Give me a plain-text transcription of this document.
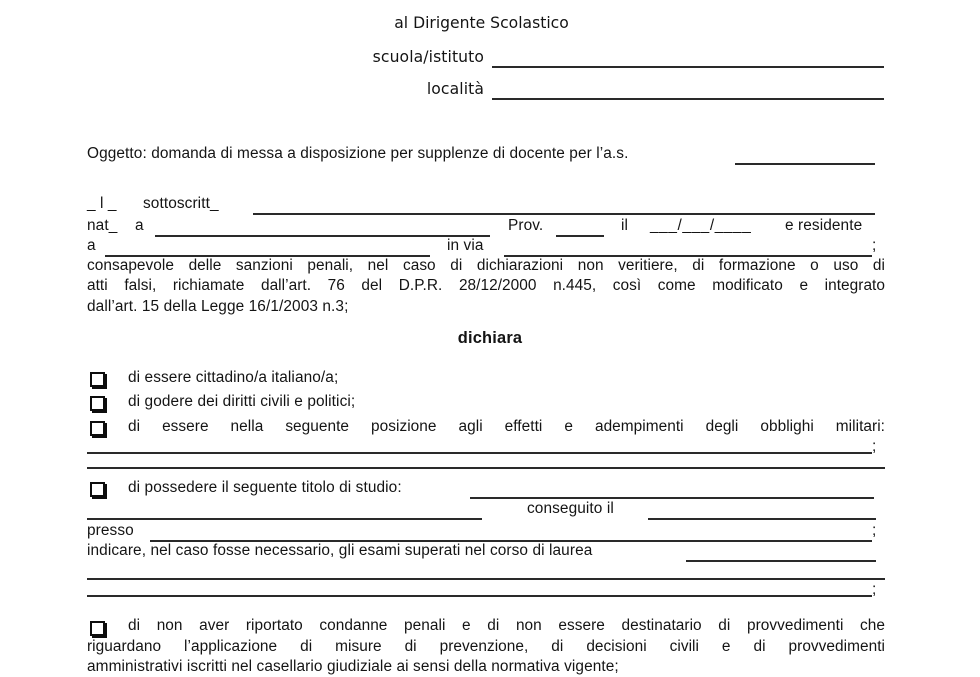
al Dirigente Scolastico
scuola/istituto
località
Oggetto: domanda di messa a disposizione per supplenze di docente per l’a.s.
_ l _ sottoscritt_
nat_ a	Prov.	il ___/___/____ e residente
a	in via	;
consapevole delle sanzioni penali, nel caso di dichiarazioni non veritiere, di formazione o uso di
atti falsi, richiamate dall’art. 76 del D.P.R. 28/12/2000 n.445, così come modificato e integrato
dall’art. 15 della Legge 16/1/2003 n.3;
dichiara
di essere cittadino/a italiano/a;
di godere dei diritti civili e politici;
di essere nella seguente posizione agli effetti e adempimenti degli obblighi militari:
;
di possedere il seguente titolo di studio:
conseguito il
presso	;
indicare, nel caso fosse necessario, gli esami superati nel corso di laurea
;
di non aver riportato condanne penali e di non essere destinatario di provvedimenti che
riguardano l’applicazione di misure di prevenzione, di decisioni civili e di provvedimenti
amministrativi iscritti nel casellario giudiziale ai sensi della normativa vigente;
